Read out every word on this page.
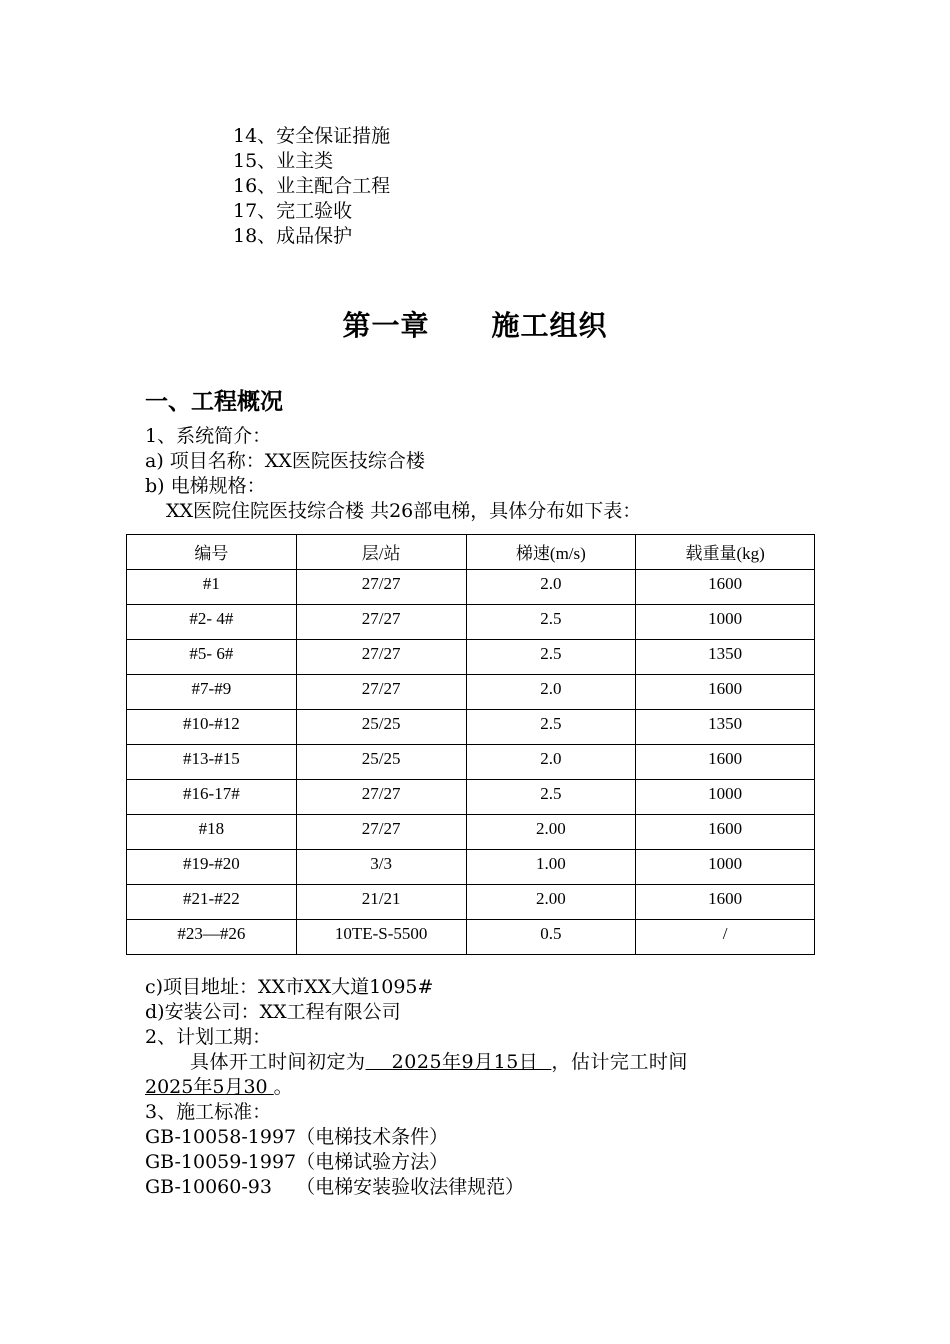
14、安全保证措施
15、业主类
16、业主配合工程
17、完工验收
18、成品保护
第一章 施工组织
一、工程概况
1、系统简介：
a) 项目名称：XX医院医技综合楼
b) 电梯规格：
XX医院住院医技综合楼 共26部电梯，具体分布如下表：
编号	层/站	梯速(m/s)	载重量(kg)
#1	27/27	2.0	1600
#2- 4#	27/27	2.5	1000
#5- 6#	27/27	2.5	1350
#7-#9	27/27	2.0	1600
#10-#12	25/25	2.5	1350
#13-#15	25/25	2.0	1600
#16-17#	27/27	2.5	1000
#18	27/27	2.00	1600
#19-#20	3/3	1.00	1000
#21-#22	21/21	2.00	1600
#23—#26	10TE-S-5500	0.5	/
c)项目地址：XX市XX大道1095#
d)安装公司：XX工程有限公司
2、计划工期：
具体开工时间初定为    2025年9月15日  ，估计完工时间
2025年5月30 。
3、施工标准：
GB-10058-1997（电梯技术条件）
GB-10059-1997（电梯试验方法）
GB-10060-93    （电梯安装验收法律规范）
